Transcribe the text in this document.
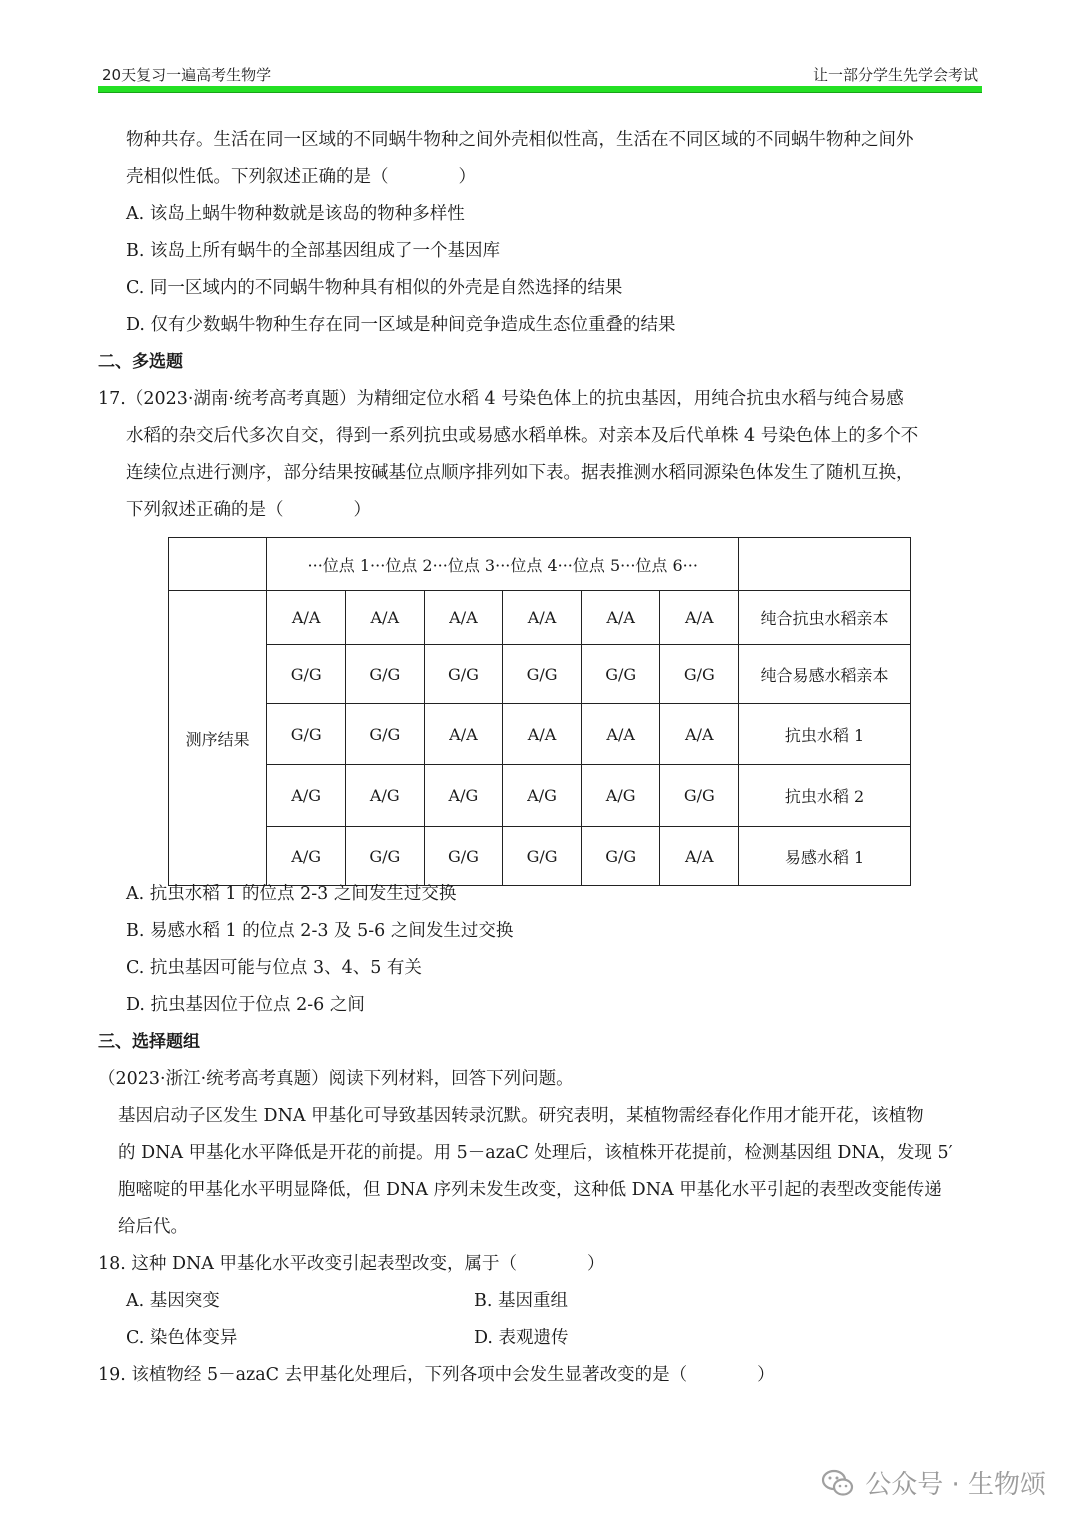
20天复习一遍高考生物学	让一部分学生先学会考试
物种共存。生活在同一区域的不同蜗牛物种之间外壳相似性高，生活在不同区域的不同蜗牛物种之间外
壳相似性低。下列叙述正确的是（　　　　）
A. 该岛上蜗牛物种数就是该岛的物种多样性
B. 该岛上所有蜗牛的全部基因组成了一个基因库
C. 同一区域内的不同蜗牛物种具有相似的外壳是自然选择的结果
D. 仅有少数蜗牛物种生存在同一区域是种间竞争造成生态位重叠的结果
二、多选题
17.（2023·湖南·统考高考真题）为精细定位水稻 4 号染色体上的抗虫基因，用纯合抗虫水稻与纯合易感
水稻的杂交后代多次自交，得到一系列抗虫或易感水稻单株。对亲本及后代单株 4 号染色体上的多个不
连续位点进行测序，部分结果按碱基位点顺序排列如下表。据表推测水稻同源染色体发生了随机互换，
下列叙述正确的是（　　　　）
	···位点 1···位点 2···位点 3···位点 4···位点 5···位点 6···						
测序结果	A/A	A/A	A/A	A/A	A/A	A/A	纯合抗虫水稻亲本
	G/G	G/G	G/G	G/G	G/G	G/G	纯合易感水稻亲本
	G/G	G/G	A/A	A/A	A/A	A/A	抗虫水稻 1
	A/G	A/G	A/G	A/G	A/G	G/G	抗虫水稻 2
	A/G	G/G	G/G	G/G	G/G	A/A	易感水稻 1
A. 抗虫水稻 1 的位点 2-3 之间发生过交换
B. 易感水稻 1 的位点 2-3 及 5-6 之间发生过交换
C. 抗虫基因可能与位点 3、4、5 有关
D. 抗虫基因位于位点 2-6 之间
三、选择题组
（2023·浙江·统考高考真题）阅读下列材料，回答下列问题。
基因启动子区发生 DNA 甲基化可导致基因转录沉默。研究表明，某植物需经春化作用才能开花，该植物
的 DNA 甲基化水平降低是开花的前提。用 5－azaC 处理后，该植株开花提前，检测基因组 DNA，发现 5′
胞嘧啶的甲基化水平明显降低，但 DNA 序列未发生改变，这种低 DNA 甲基化水平引起的表型改变能传递
给后代。
18. 这种 DNA 甲基化水平改变引起表型改变，属于（　　　　）
A. 基因突变	B. 基因重组
C. 染色体变异	D. 表观遗传
19. 该植物经 5－azaC 去甲基化处理后，下列各项中会发生显著改变的是（　　　　）
公众号 · 生物颂
